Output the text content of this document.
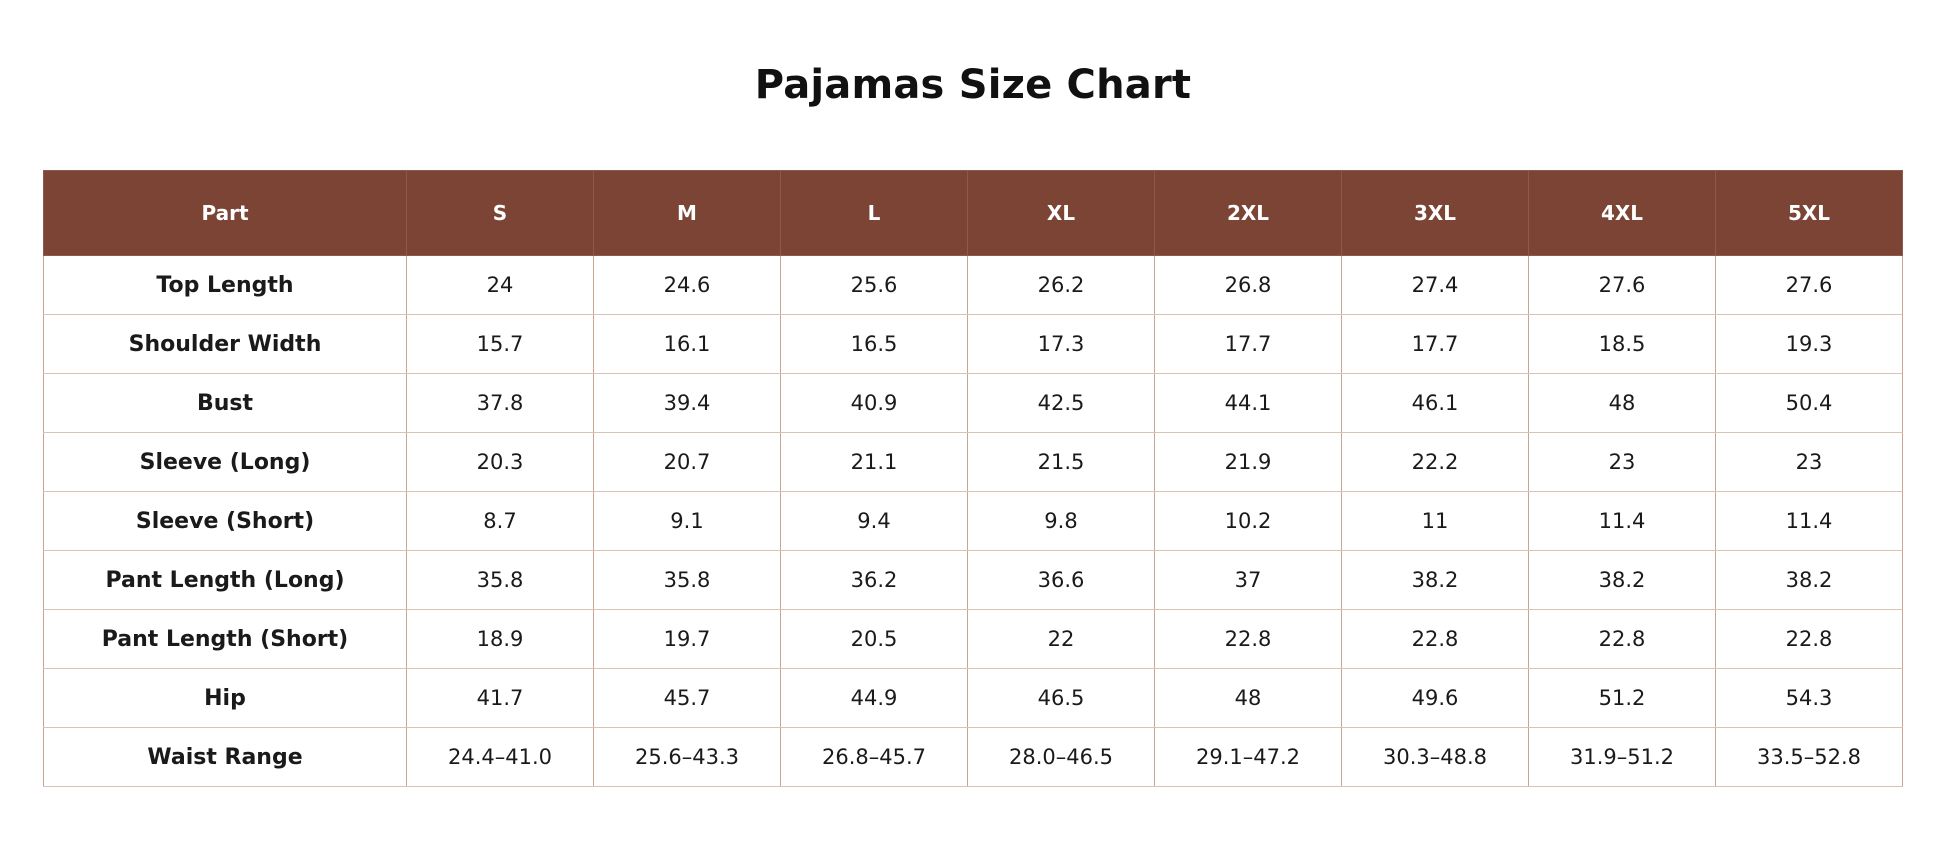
Pajamas Size Chart
Part	S	M	L	XL	2XL	3XL	4XL	5XL
Top Length	24	24.6	25.6	26.2	26.8	27.4	27.6	27.6
Shoulder Width	15.7	16.1	16.5	17.3	17.7	17.7	18.5	19.3
Bust	37.8	39.4	40.9	42.5	44.1	46.1	48	50.4
Sleeve (Long)	20.3	20.7	21.1	21.5	21.9	22.2	23	23
Sleeve (Short)	8.7	9.1	9.4	9.8	10.2	11	11.4	11.4
Pant Length (Long)	35.8	35.8	36.2	36.6	37	38.2	38.2	38.2
Pant Length (Short)	18.9	19.7	20.5	22	22.8	22.8	22.8	22.8
Hip	41.7	45.7	44.9	46.5	48	49.6	51.2	54.3
Waist Range	24.4–41.0	25.6–43.3	26.8–45.7	28.0–46.5	29.1–47.2	30.3–48.8	31.9–51.2	33.5–52.8
